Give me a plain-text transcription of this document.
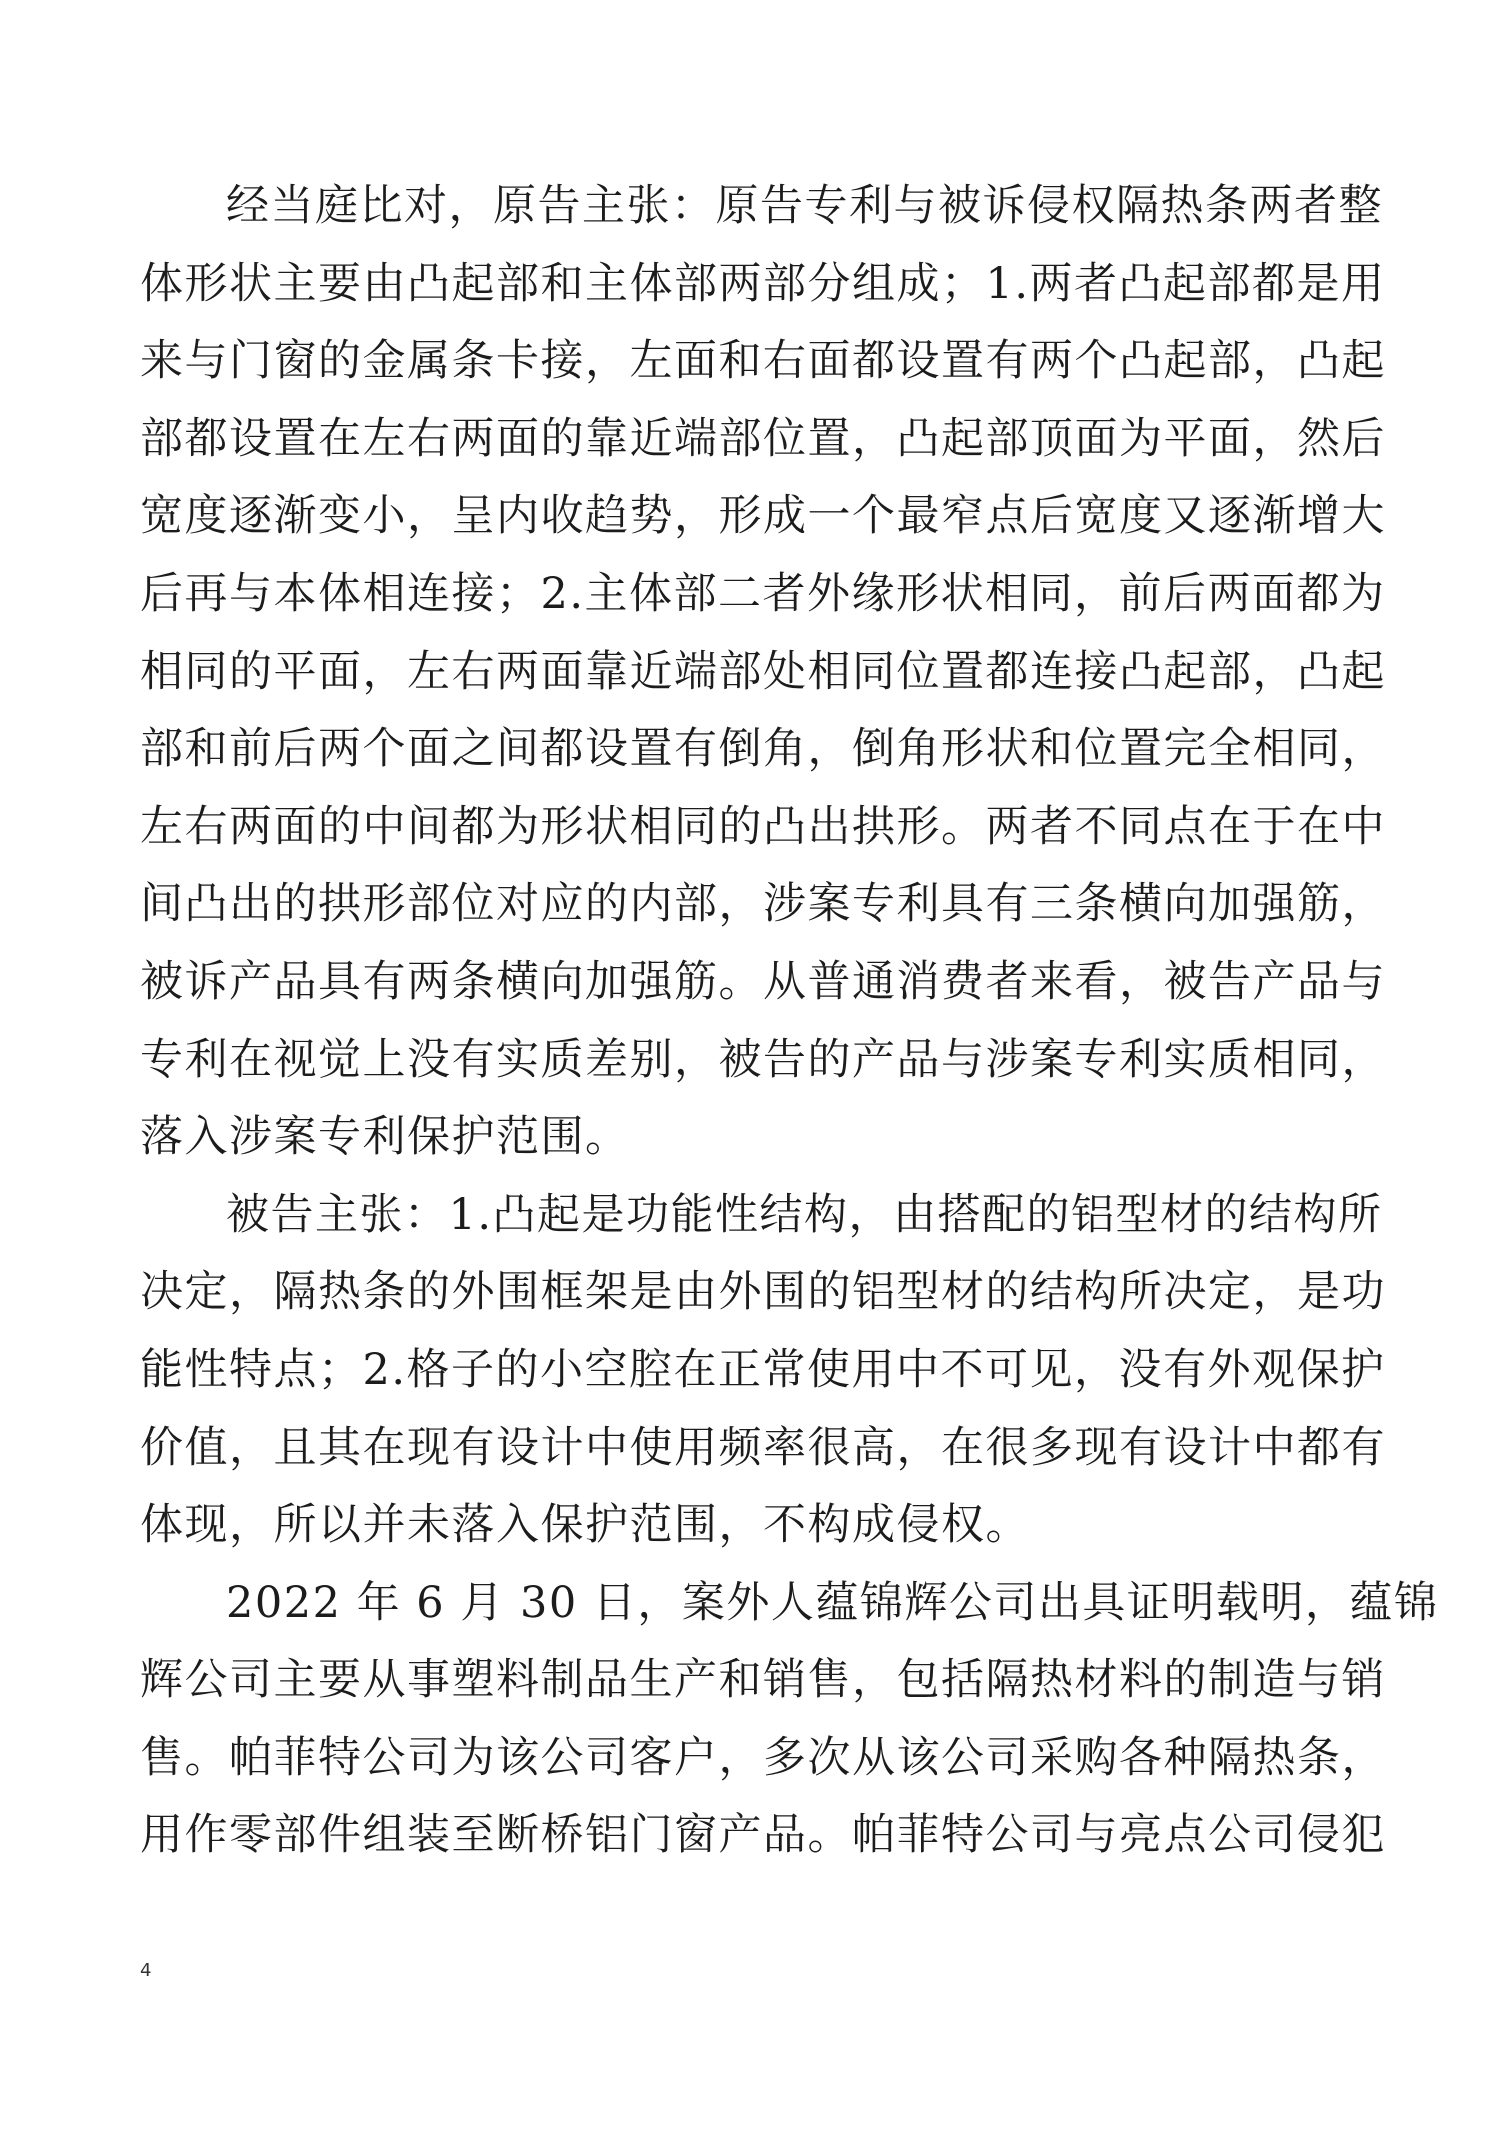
经当庭比对，原告主张：原告专利与被诉侵权隔热条两者整
体形状主要由凸起部和主体部两部分组成；1.两者凸起部都是用
来与门窗的金属条卡接，左面和右面都设置有两个凸起部，凸起
部都设置在左右两面的靠近端部位置，凸起部顶面为平面，然后
宽度逐渐变小，呈内收趋势，形成一个最窄点后宽度又逐渐增大
后再与本体相连接；2.主体部二者外缘形状相同，前后两面都为
相同的平面，左右两面靠近端部处相同位置都连接凸起部，凸起
部和前后两个面之间都设置有倒角，倒角形状和位置完全相同，
左右两面的中间都为形状相同的凸出拱形。两者不同点在于在中
间凸出的拱形部位对应的内部，涉案专利具有三条横向加强筋，
被诉产品具有两条横向加强筋。从普通消费者来看，被告产品与
专利在视觉上没有实质差别，被告的产品与涉案专利实质相同，
落入涉案专利保护范围。
被告主张：1.凸起是功能性结构，由搭配的铝型材的结构所
决定，隔热条的外围框架是由外围的铝型材的结构所决定，是功
能性特点；2.格子的小空腔在正常使用中不可见，没有外观保护
价值，且其在现有设计中使用频率很高，在很多现有设计中都有
体现，所以并未落入保护范围，不构成侵权。
2022 年 6 月 30 日，案外人蕴锦辉公司出具证明载明，蕴锦
辉公司主要从事塑料制品生产和销售，包括隔热材料的制造与销
售。帕菲特公司为该公司客户，多次从该公司采购各种隔热条，
用作零部件组装至断桥铝门窗产品。帕菲特公司与亮点公司侵犯
4
